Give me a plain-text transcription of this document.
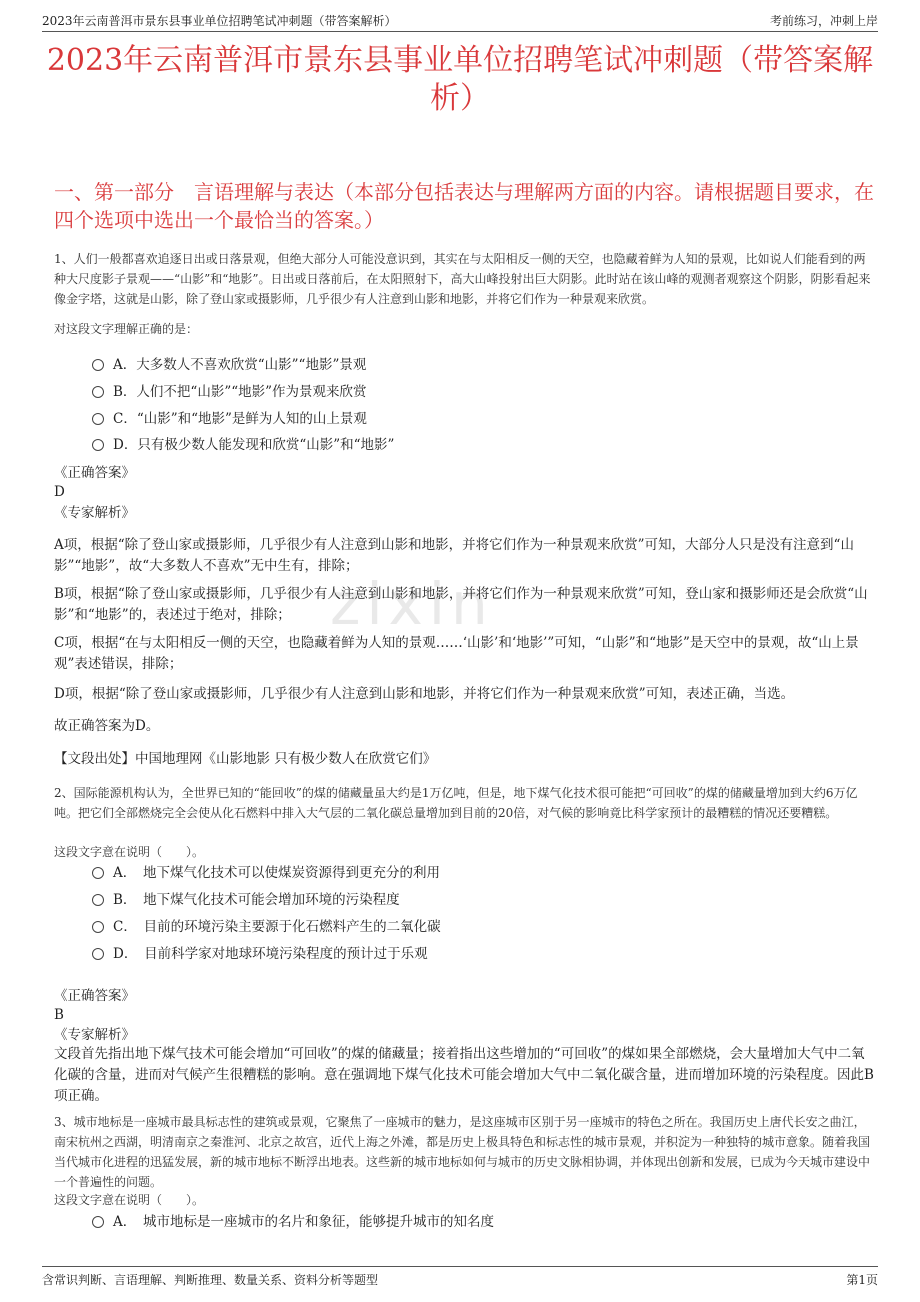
2023年云南普洱市景东县事业单位招聘笔试冲刺题（带答案解析）	考前练习，冲刺上岸
2023年云南普洱市景东县事业单位招聘笔试冲刺题（带答案解析）
一、第一部分　言语理解与表达（本部分包括表达与理解两方面的内容。请根据题目要求，在四个选项中选出一个最恰当的答案。）
zixin
1、人们一般都喜欢追逐日出或日落景观，但绝大部分人可能没意识到，其实在与太阳相反一侧的天空，也隐藏着鲜为人知的景观，比如说人们能看到的两种大尺度影子景观——“山影”和“地影”。日出或日落前后，在太阳照射下，高大山峰投射出巨大阴影。此时站在该山峰的观测者观察这个阴影，阴影看起来像金字塔，这就是山影，除了登山家或摄影师，几乎很少有人注意到山影和地影，并将它们作为一种景观来欣赏。
对这段文字理解正确的是：
A．大多数人不喜欢欣赏“山影”“地影”景观
B．人们不把“山影”“地影”作为景观来欣赏
C．“山影”和“地影”是鲜为人知的山上景观
D．只有极少数人能发现和欣赏“山影”和“地影”
《正确答案》
D
《专家解析》
A项，根据“除了登山家或摄影师，几乎很少有人注意到山影和地影，并将它们作为一种景观来欣赏”可知，大部分人只是没有注意到“山影”“地影”，故“大多数人不喜欢”无中生有，排除；
B项，根据“除了登山家或摄影师，几乎很少有人注意到山影和地影，并将它们作为一种景观来欣赏”可知，登山家和摄影师还是会欣赏“山影”和“地影”的，表述过于绝对，排除；
C项，根据“在与太阳相反一侧的天空，也隐藏着鲜为人知的景观……‘山影’和‘地影’”可知，“山影”和“地影”是天空中的景观，故“山上景观”表述错误，排除；
D项，根据“除了登山家或摄影师，几乎很少有人注意到山影和地影，并将它们作为一种景观来欣赏”可知，表述正确，当选。
故正确答案为D。
【文段出处】中国地理网《山影地影 只有极少数人在欣赏它们》
2、国际能源机构认为，全世界已知的“能回收”的煤的储藏量虽大约是1万亿吨，但是，地下煤气化技术很可能把“可回收”的煤的储藏量增加到大约6万亿吨。把它们全部燃烧完全会使从化石燃料中排入大气层的二氧化碳总量增加到目前的20倍，对气候的影响竟比科学家预计的最糟糕的情况还要糟糕。
这段文字意在说明（　　）。
A．　地下煤气化技术可以使煤炭资源得到更充分的利用
B．　地下煤气化技术可能会增加环境的污染程度
C．　目前的环境污染主要源于化石燃料产生的二氧化碳
D．　目前科学家对地球环境污染程度的预计过于乐观
《正确答案》
B
《专家解析》
文段首先指出地下煤气技术可能会增加“可回收”的煤的储藏量；接着指出这些增加的“可回收”的煤如果全部燃烧，会大量增加大气中二氧化碳的含量，进而对气候产生很糟糕的影响。意在强调地下煤气化技术可能会增加大气中二氧化碳含量，进而增加环境的污染程度。因此B项正确。
3、城市地标是一座城市最具标志性的建筑或景观，它聚焦了一座城市的魅力，是这座城市区别于另一座城市的特色之所在。我国历史上唐代长安之曲江，南宋杭州之西湖，明清南京之秦淮河、北京之故宫，近代上海之外滩，都是历史上极具特色和标志性的城市景观，并积淀为一种独特的城市意象。随着我国当代城市化进程的迅猛发展，新的城市地标不断浮出地表。这些新的城市地标如何与城市的历史文脉相协调，并体现出创新和发展，已成为今天城市建设中一个普遍性的问题。
这段文字意在说明（　　）。
A．　城市地标是一座城市的名片和象征，能够提升城市的知名度
含常识判断、言语理解、判断推理、数量关系、资料分析等题型	第1页
